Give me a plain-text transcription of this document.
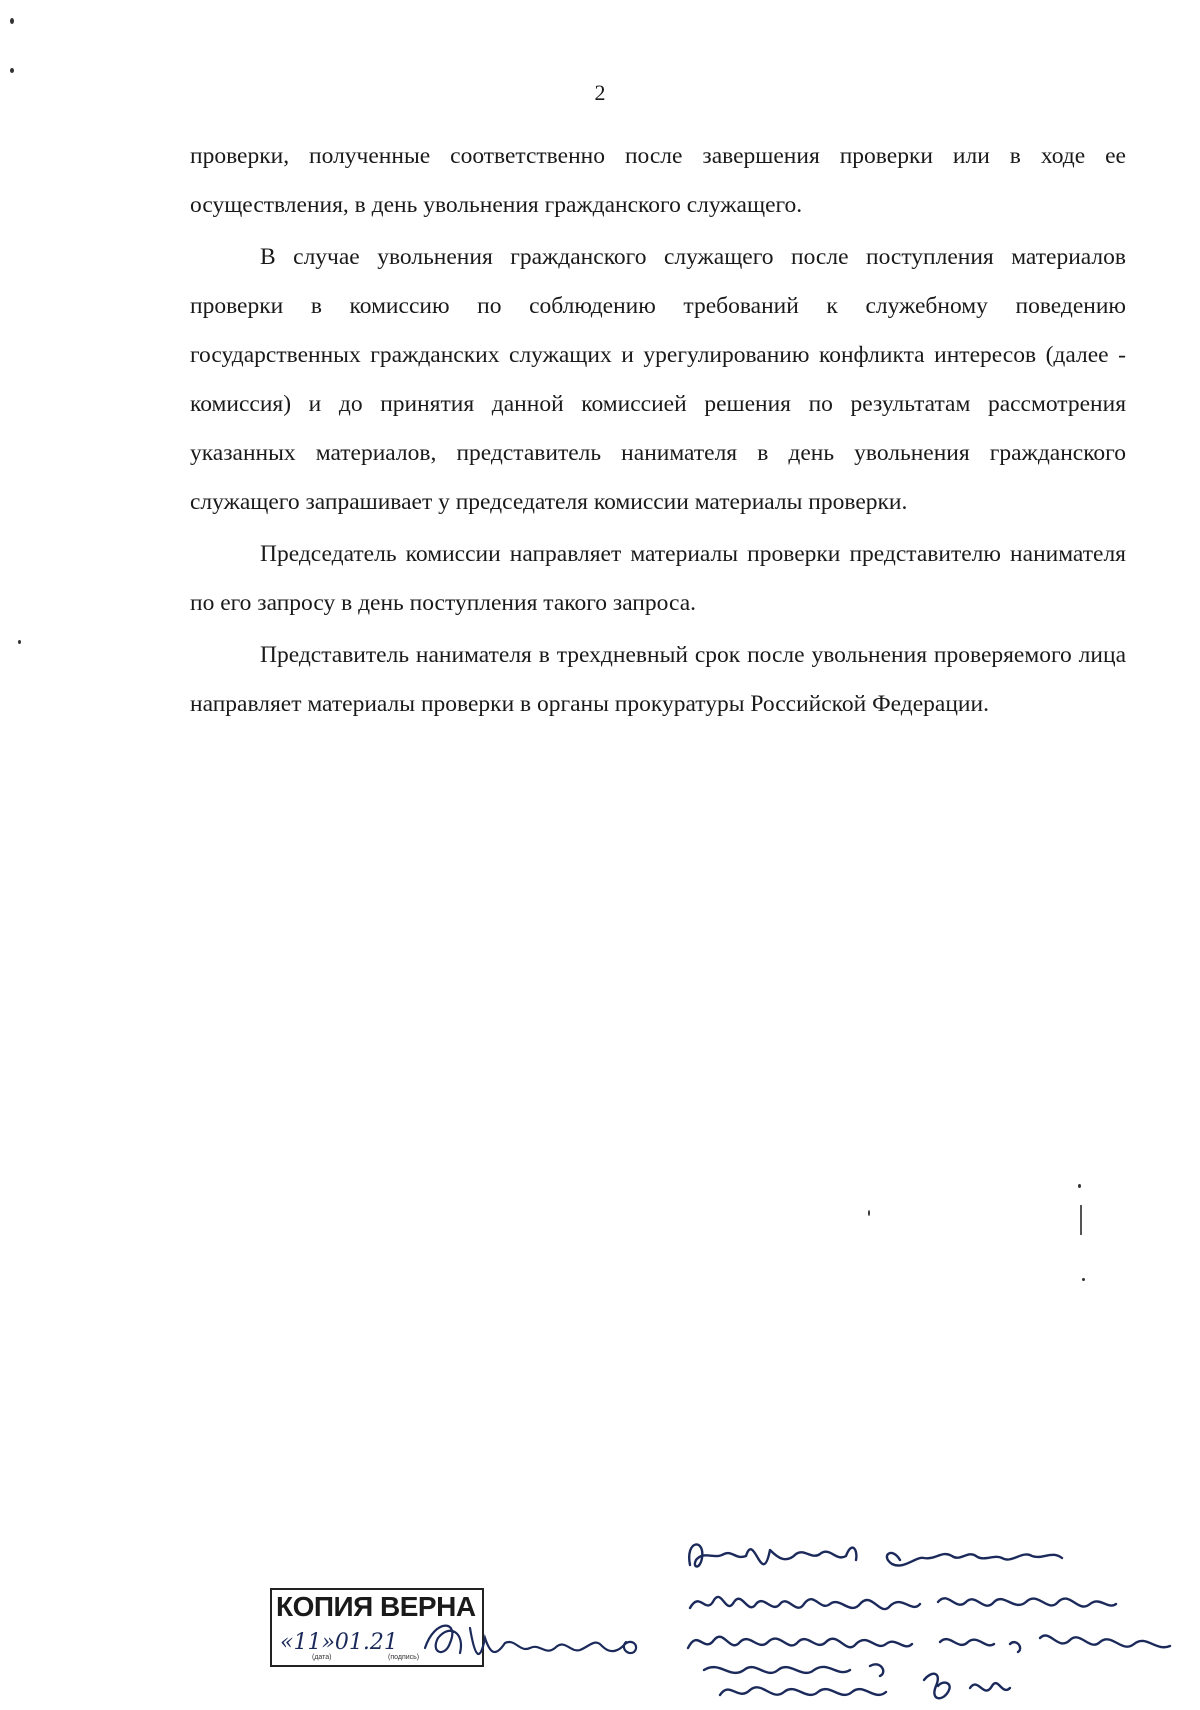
2

проверки, полученные соответственно после завершения проверки или в ходе ее осуществления, в день увольнения гражданского служащего.

В случае увольнения гражданского служащего после поступления материалов проверки в комиссию по соблюдению требований к служебному поведению государственных гражданских служащих и урегулированию конфликта интересов (далее - комиссия) и до принятия данной комиссией решения по результатам рассмотрения указанных материалов, представитель нанимателя в день увольнения гражданского служащего запрашивает у председателя комиссии материалы проверки.

Председатель комиссии направляет материалы проверки представителю нанимателя по его запросу в день поступления такого запроса.

Представитель нанимателя в трехдневный срок после увольнения проверяемого лица направляет материалы проверки в органы прокуратуры Российской Федерации.

КОПИЯ ВЕРНА
«11»01.21
(дата)	(подпись)
